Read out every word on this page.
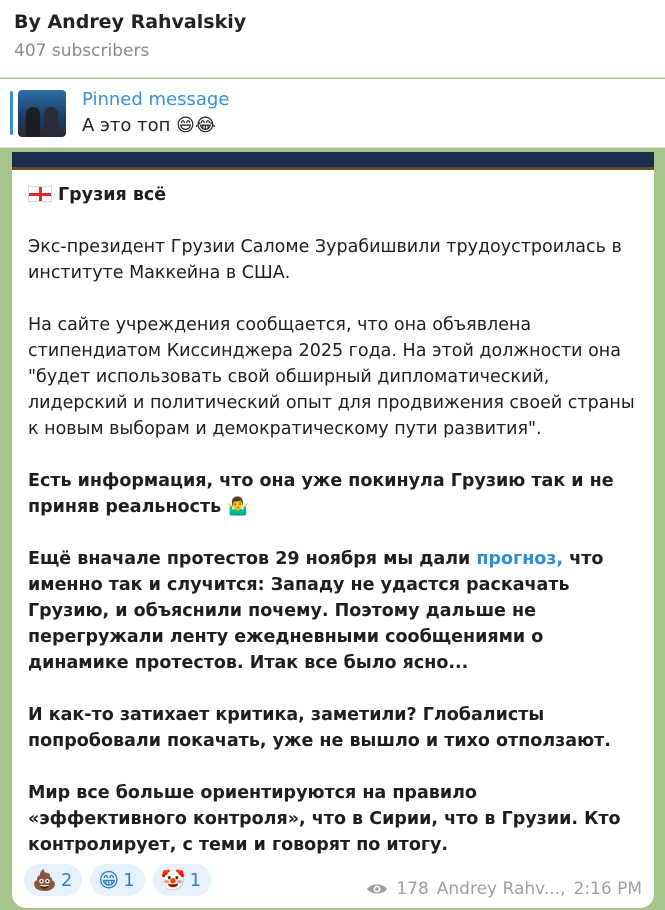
By Andrey Rahvalskiy
407 subscribers
Pinned message
А это топ 😄😂
Грузия всё
Экс-президент Грузии Саломе Зурабишвили трудоустроилась в институте Маккейна в США.
На сайте учреждения сообщается, что она объявлена стипендиатом Киссинджера 2025 года. На этой должности она "будет использовать свой обширный дипломатический, лидерский и политический опыт для продвижения своей страны к новым выборам и демократическому пути развития".
Есть информация, что она уже покинула Грузию так и не приняв реальность 🤷‍♂️
Ещё вначале протестов 29 ноября мы дали прогноз, что именно так и случится: Западу не удастся раскачать Грузию, и объяснили почему. Поэтому дальше не перегружали ленту ежедневными сообщениями о динамике протестов. Итак все было ясно...
И как-то затихает критика, заметили? Глобалисты попробовали покачать, уже не вышло и тихо отползают.
Мир все больше ориентируются на правило «эффективного контроля», что в Сирии, что в Грузии. Кто контролирует, с теми и говорят по итогу.
💩 2 😁 1 🤡 1	178 Andrey Rahv..., 2:16 PM
